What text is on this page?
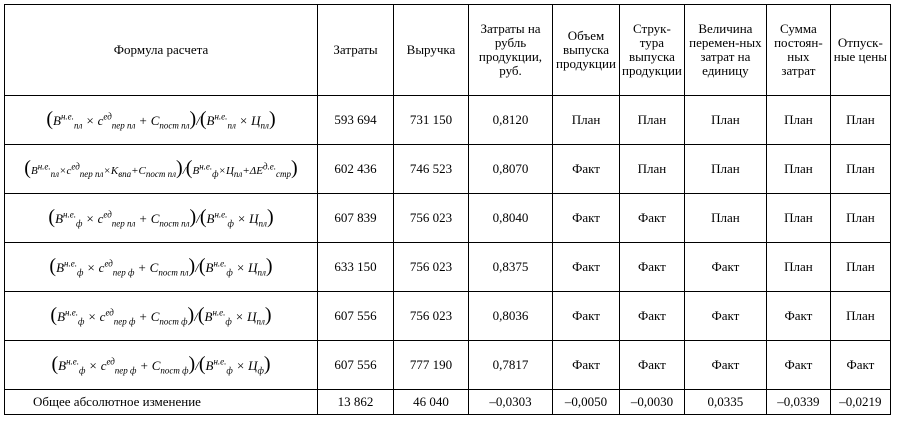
Формула расчета	Затраты	Выручка	Затраты на рубль продукции, руб.	Объем выпуска продукции	Струк-тура выпуска продукции	Величина перемен-ных затрат на единицу	Сумма постоян-ных затрат	Отпуск-ные цены
$(B^{н.е.}_{пл} \times c^{ед}_{пер пл} + C_{пост пл})/(B^{н.е.}_{пл} \times Ц_{пл})$	593 694	731 150	0,8120	План	План	План	План	План
$(B^{н.е.}_{пл}\times c^{ед}_{пер пл}\times K_{впа}+C_{пост пл})/(B^{н.е.}_ф\times Ц_{пл}+\Delta E^{д.е.}_{стр})$	602 436	746 523	0,8070	Факт	План	План	План	План
$(B^{н.е.}_ф \times c^{ед}_{пер пл} + C_{пост пл})/(B^{н.е.}_ф \times Ц_{пл})$	607 839	756 023	0,8040	Факт	Факт	План	План	План
$(B^{н.е.}_ф \times c^{ед}_{пер ф} + C_{пост пл})/(B^{н.е.}_ф \times Ц_{пл})$	633 150	756 023	0,8375	Факт	Факт	Факт	План	План
$(B^{н.е.}_ф \times c^{ед}_{пер ф} + C_{пост ф})/(B^{н.е.}_ф \times Ц_{пл})$	607 556	756 023	0,8036	Факт	Факт	Факт	Факт	План
$(B^{н.е.}_ф \times c^{ед}_{пер ф} + C_{пост ф})/(B^{н.е.}_ф \times Ц_ф)$	607 556	777 190	0,7817	Факт	Факт	Факт	Факт	Факт
Общее абсолютное изменение	13 862	46 040	–0,0303	–0,0050	–0,0030	0,0335	–0,0339	–0,0219
